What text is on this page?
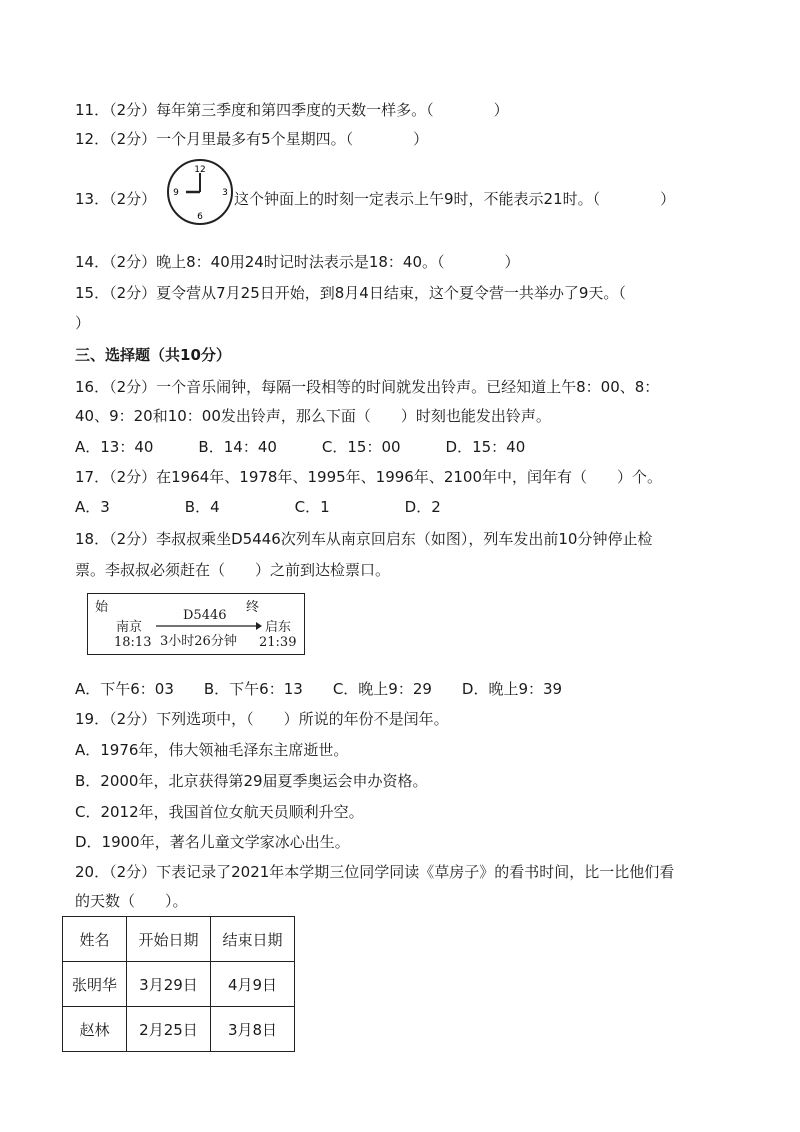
11．（2分）每年第三季度和第四季度的天数一样多。（　　　　）
12．（2分）一个月里最多有5个星期四。（　　　　）
13．（2分）
12
3
6
9	这个钟面上的时刻一定表示上午9时，不能表示21时。（　　　　）
14．（2分）晚上8：40用24时记时法表示是18：40。（　　　　）
15．（2分）夏令营从7月25日开始，到8月4日结束，这个夏令营一共举办了9天。（
）
三、选择题（共10分）
16．（2分）一个音乐闹钟，每隔一段相等的时间就发出铃声。已经知道上午8：00、8：
40、9：20和10：00发出铃声，那么下面（　　）时刻也能发出铃声。
A．13：40　　　B．14：40　　　C．15：00　　　D．15：40
17．（2分）在1964年、1978年、1995年、1996年、2100年中，闰年有（　　）个。
A．3　　　　　B．4　　　　　C．1　　　　　D．2
18．（2分）李叔叔乘坐D5446次列车从南京回启东（如图），列车发出前10分钟停止检
票。李叔叔必须赶在（　　）之前到达检票口。
始	终
D5446
南京	启东
3小时26分钟
18:13	21:39
A．下午6：03　　B．下午6：13　　C．晚上9：29　　D．晚上9：39
19．（2分）下列选项中，（　　）所说的年份不是闰年。
A．1976年，伟大领袖毛泽东主席逝世。
B．2000年，北京获得第29届夏季奥运会申办资格。
C．2012年，我国首位女航天员顺利升空。
D．1900年，著名儿童文学家冰心出生。
20．（2分）下表记录了2021年本学期三位同学同读《草房子》的看书时间，比一比他们看
的天数（　　）。
姓名	开始日期	结束日期
张明华	3月29日	4月9日
赵林	2月25日	3月8日
